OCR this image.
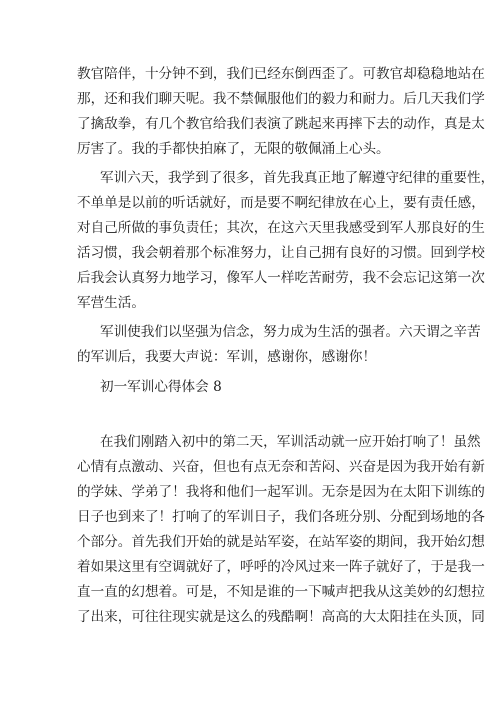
教官陪伴，十分钟不到，我们已经东倒西歪了。可教官却稳稳地站在
那，还和我们聊天呢。我不禁佩服他们的毅力和耐力。后几天我们学
了擒敌拳，有几个教官给我们表演了跳起来再摔下去的动作，真是太
厉害了。我的手都快拍麻了，无限的敬佩涌上心头。
军训六天，我学到了很多，首先我真正地了解遵守纪律的重要性，
不单单是以前的听话就好，而是要不啊纪律放在心上，要有责任感，
对自己所做的事负责任；其次，在这六天里我感受到军人那良好的生
活习惯，我会朝着那个标准努力，让自己拥有良好的习惯。回到学校
后我会认真努力地学习，像军人一样吃苦耐劳，我不会忘记这第一次
军营生活。
军训使我们以坚强为信念，努力成为生活的强者。六天谓之辛苦
的军训后，我要大声说：军训，感谢你，感谢你！
初一军训心得体会 8
在我们刚踏入初中的第二天，军训活动就一应开始打响了！虽然
心情有点激动、兴奋，但也有点无奈和苦闷、兴奋是因为我开始有新
的学妹、学弟了！我将和他们一起军训。无奈是因为在太阳下训练的
日子也到来了！打响了的军训日子，我们各班分别、分配到场地的各
个部分。首先我们开始的就是站军姿，在站军姿的期间，我开始幻想
着如果这里有空调就好了，呼呼的冷风过来一阵子就好了，于是我一
直一直的幻想着。可是，不知是谁的一下喊声把我从这美妙的幻想拉
了出来，可往往现实就是这么的残酷啊！高高的大太阳挂在头顶，同
